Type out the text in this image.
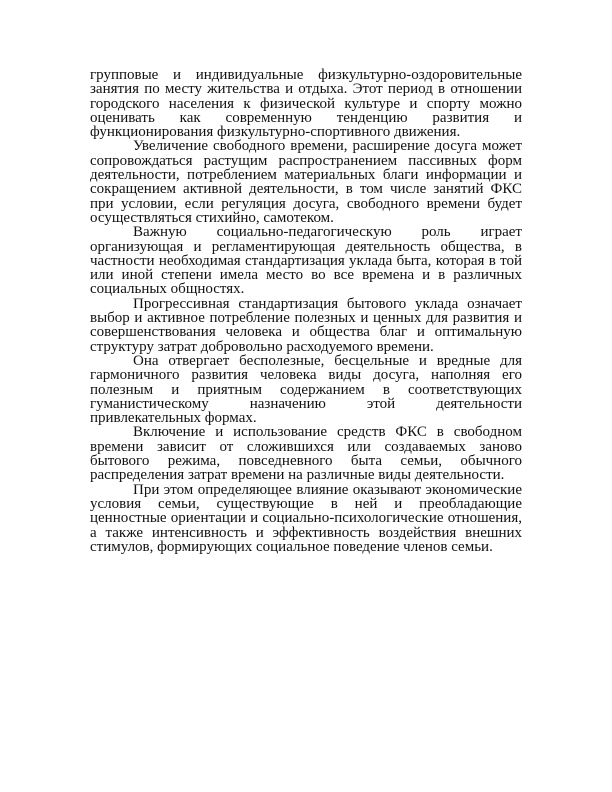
групповые и индивидуальные физкультурно-оздоровительные занятия по месту жительства и отдыха. Этот период в отношении городского населения к физической культуре и спорту можно оценивать как современную тенденцию развития и функционирования физкультурно-спортивного движения.

Увеличение свободного времени, расширение досуга может сопровождаться растущим распространением пассивных форм деятельности, потреблением материальных благи информации и сокращением активной деятельности, в том числе занятий ФКС при условии, если регуляция досуга, свободного времени будет осуществляться стихийно, самотеком.

Важную социально-педагогическую роль играет организующая и регламентирующая деятельность общества, в частности необходимая стандартизация уклада быта, которая в той или иной степени имела место во все времена и в различных социальных общностях.

Прогрессивная стандартизация бытового уклада означает выбор и активное потребление полезных и ценных для развития и совершенствования человека и общества благ и оптимальную структуру затрат добровольно расходуемого времени.

Она отвергает бесполезные, бесцельные и вредные для гармоничного развития человека виды досуга, наполняя его полезным и приятным содержанием в соответствующих гуманистическому назначению этой деятельности привлекательных формах.

Включение и использование средств ФКС в свободном времени зависит от сложившихся или создаваемых заново бытового режима, повседневного быта семьи, обычного распределения затрат времени на различные виды деятельности.

При этом определяющее влияние оказывают экономические условия семьи, существующие в ней и преобладающие ценностные ориентации и социально-психологические отношения, а также интенсивность и эффективность воздействия внешних стимулов, формирующих социальное поведение членов семьи.
